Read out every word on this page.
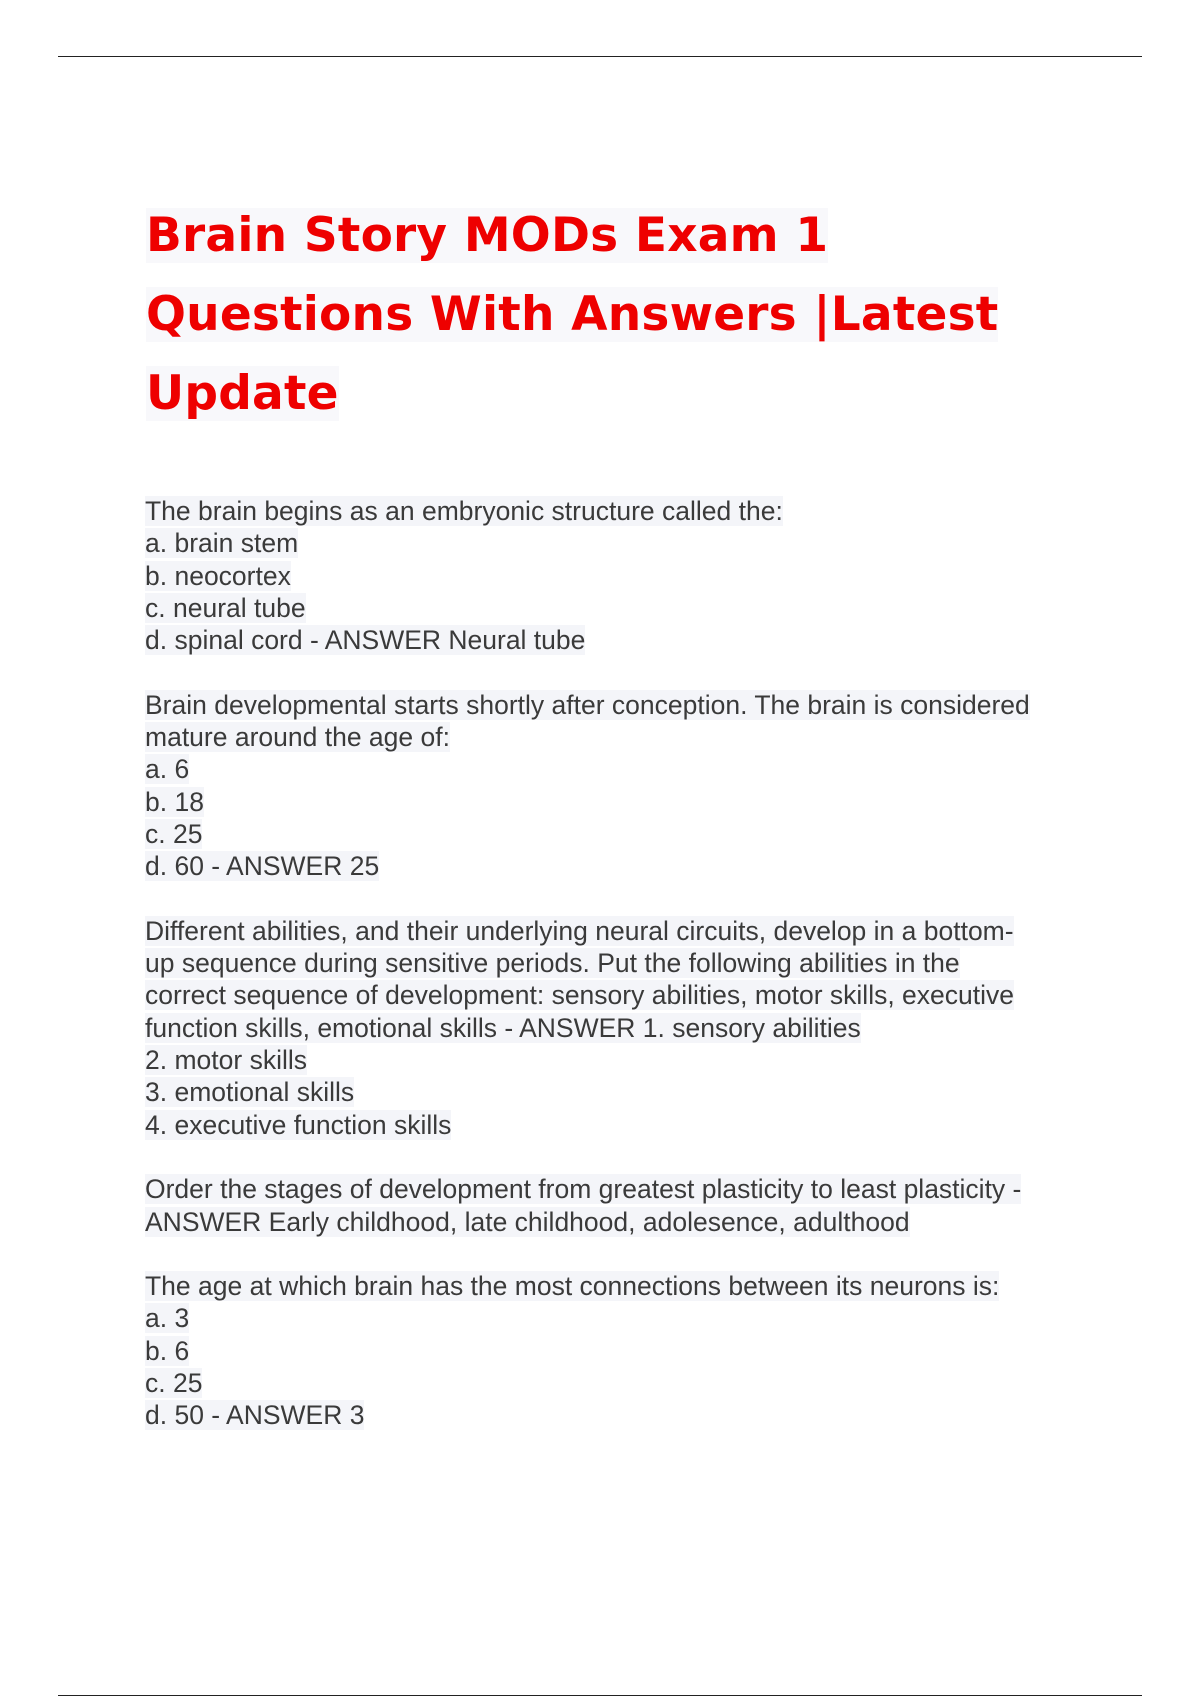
Brain Story MODs Exam 1
Questions With Answers |Latest
Update
The brain begins as an embryonic structure called the:
a. brain stem
b. neocortex
c. neural tube
d. spinal cord - ANSWER Neural tube
Brain developmental starts shortly after conception. The brain is considered
mature around the age of:
a. 6
b. 18
c. 25
d. 60 - ANSWER 25
Different abilities, and their underlying neural circuits, develop in a bottom-
up sequence during sensitive periods. Put the following abilities in the
correct sequence of development: sensory abilities, motor skills, executive
function skills, emotional skills - ANSWER 1. sensory abilities
2. motor skills
3. emotional skills
4. executive function skills
Order the stages of development from greatest plasticity to least plasticity -
ANSWER Early childhood, late childhood, adolesence, adulthood
The age at which brain has the most connections between its neurons is:
a. 3
b. 6
c. 25
d. 50 - ANSWER 3
